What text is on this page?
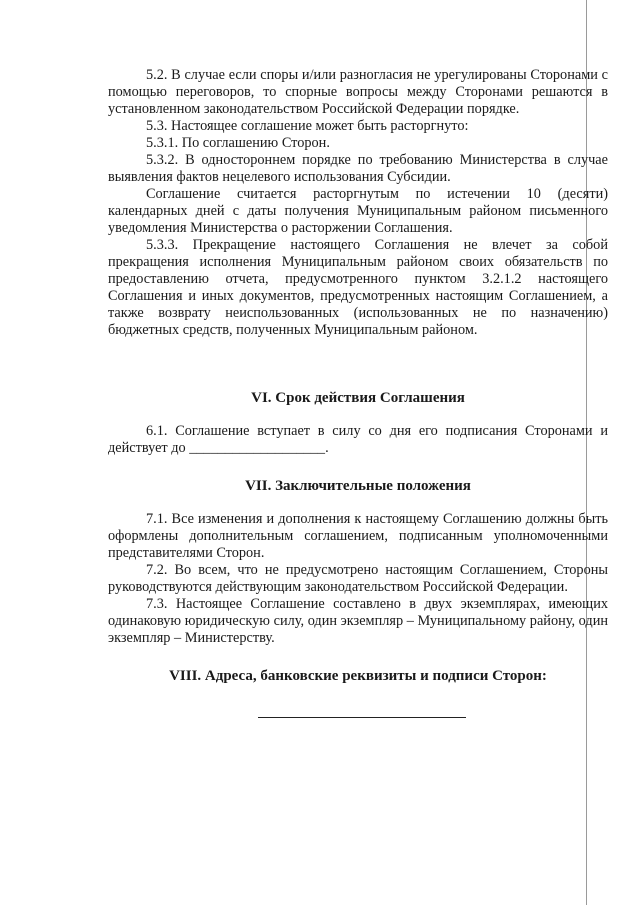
5.2. В случае если споры и/или разногласия не урегулированы Сторонами с помощью переговоров, то спорные вопросы между Сторонами решаются в установленном законодательством Российской Федерации порядке.

5.3. Настоящее соглашение может быть расторгнуто:

5.3.1. По соглашению Сторон.

5.3.2. В одностороннем порядке по требованию Министерства в случае выявления фактов нецелевого использования Субсидии.

Соглашение считается расторгнутым по истечении 10 (десяти) календарных дней с даты получения Муниципальным районом письменного уведомления Министерства о расторжении Соглашения.

5.3.3. Прекращение настоящего Соглашения не влечет за собой прекращения исполнения Муниципальным районом своих обязательств по предоставлению отчета, предусмотренного пунктом 3.2.1.2 настоящего Соглашения и иных документов, предусмотренных настоящим Соглашением, а также возврату неиспользованных (использованных не по назначению) бюджетных средств, полученных Муниципальным районом.

VI. Срок действия Соглашения

6.1. Соглашение вступает в силу со дня его подписания Сторонами и действует до ___________________.

VII. Заключительные положения

7.1. Все изменения и дополнения к настоящему Соглашению должны быть оформлены дополнительным соглашением, подписанным уполномоченными представителями Сторон.

7.2. Во всем, что не предусмотрено настоящим Соглашением, Стороны руководствуются действующим законодательством Российской Федерации.

7.3. Настоящее Соглашение составлено в двух экземплярах, имеющих одинаковую юридическую силу, один экземпляр – Муниципальному району, один экземпляр – Министерству.

VIII. Адреса, банковские реквизиты и подписи Сторон:
